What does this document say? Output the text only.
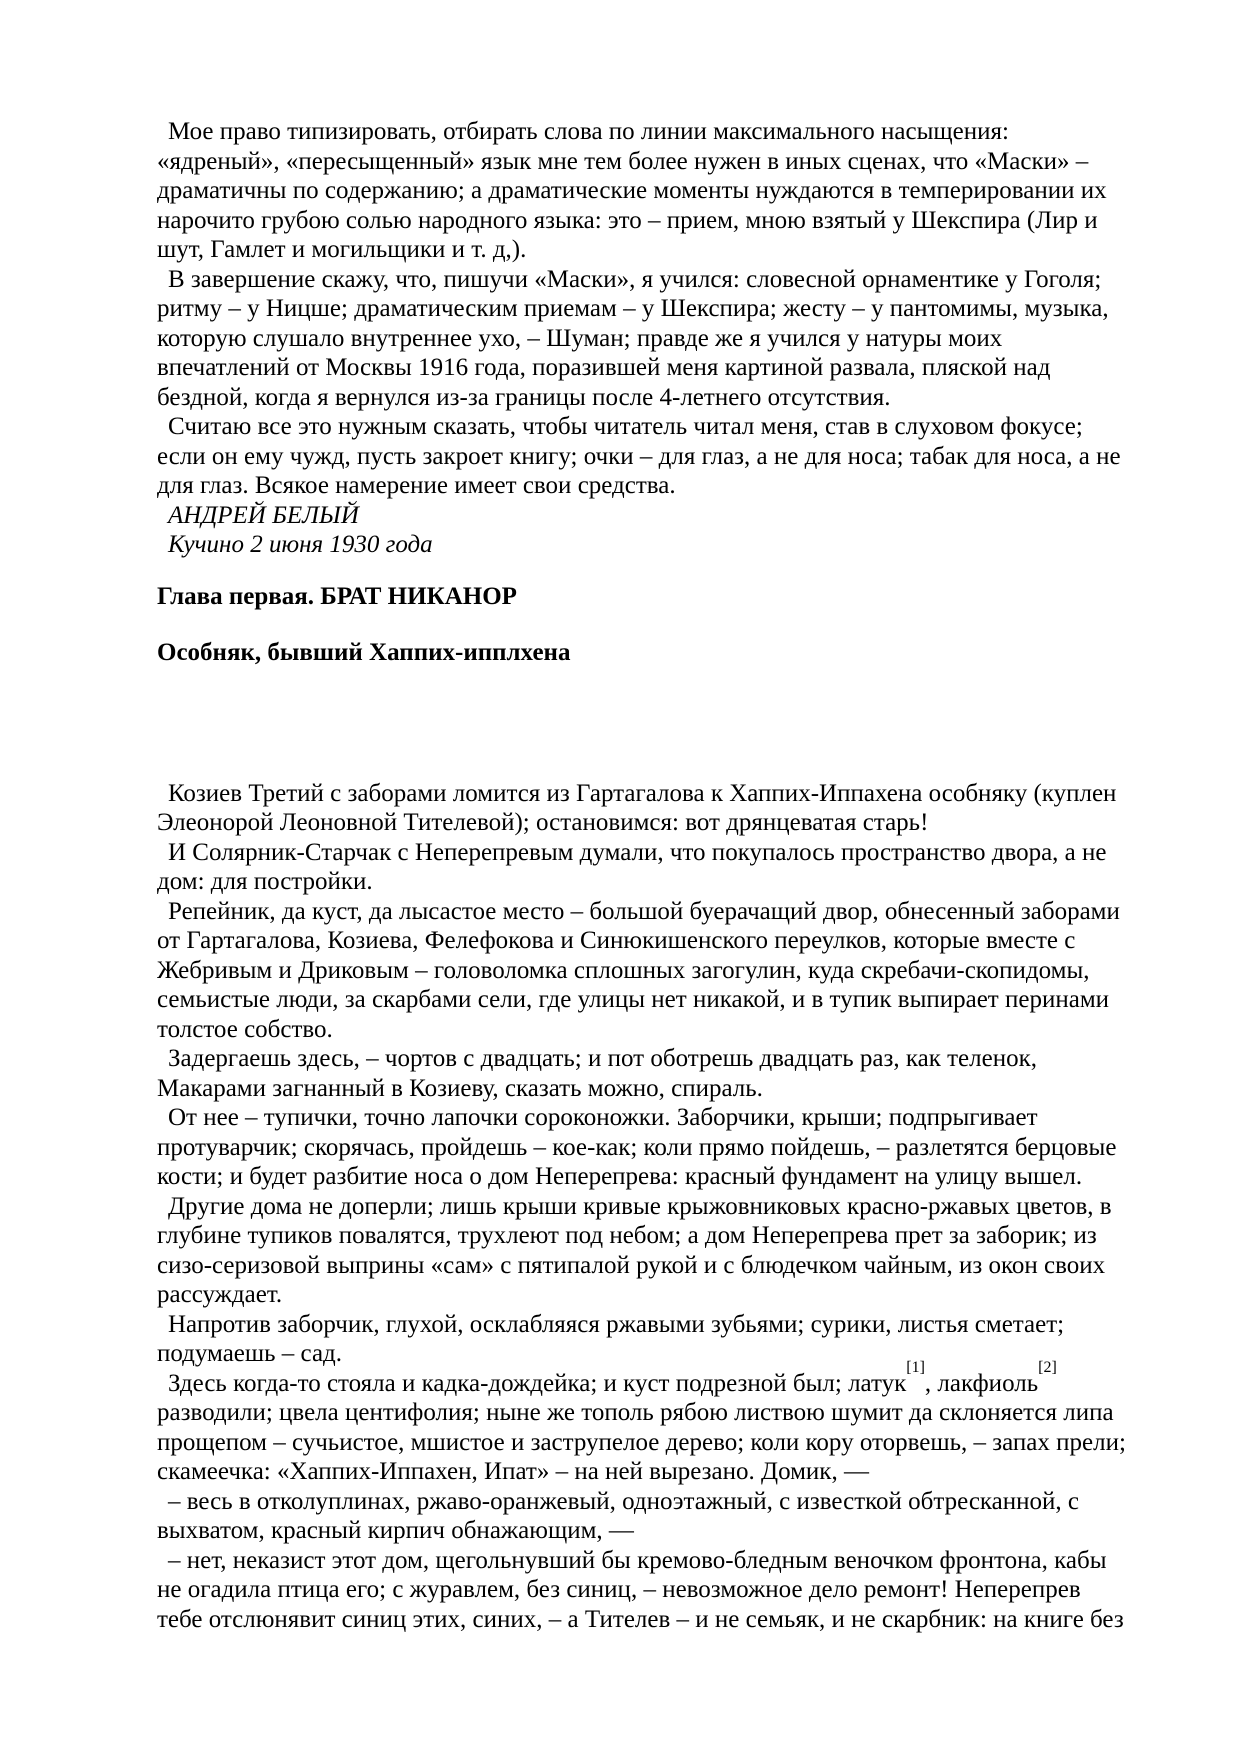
Мое право типизировать, отбирать слова по линии максимального насыщения:
«ядреный», «пересыщенный» язык мне тем более нужен в иных сценах, что «Маски» –
драматичны по содержанию; а драматические моменты нуждаются в темперировании их
нарочито грубою солью народного языка: это – прием, мною взятый у Шекспира (Лир и
шут, Гамлет и могильщики и т. д,).
В завершение скажу, что, пишучи «Маски», я учился: словесной орнаментике у Гоголя;
ритму – у Ницше; драматическим приемам – у Шекспира; жесту – у пантомимы, музыка,
которую слушало внутреннее ухо, – Шуман; правде же я учился у натуры моих
впечатлений от Москвы 1916 года, поразившей меня картиной развала, пляской над
бездной, когда я вернулся из-за границы после 4-летнего отсутствия.
Считаю все это нужным сказать, чтобы читатель читал меня, став в слуховом фокусе;
если он ему чужд, пусть закроет книгу; очки – для глаз, а не для носа; табак для носа, а не
для глаз. Всякое намерение имеет свои средства.
АНДРЕЙ БЕЛЫЙ
Кучино 2 июня 1930 года
Глава первая. БРАТ НИКАНОР
Особняк, бывший Хаппих-ипплхена
Козиев Третий с заборами ломится из Гартагалова к Хаппих-Иппахена особняку (куплен
Элеонорой Леоновной Тителевой); остановимся: вот дрянцеватая старь!
И Солярник-Старчак с Неперепревым думали, что покупалось пространство двора, а не
дом: для постройки.
Репейник, да куст, да лысастое место – большой буерачащий двор, обнесенный заборами
от Гартагалова, Козиева, Фелефокова и Синюкишенского переулков, которые вместе с
Жебривым и Дриковым – головоломка сплошных загогулин, куда скребачи-скопидомы,
семьистые люди, за скарбами сели, где улицы нет никакой, и в тупик выпирает перинами
толстое собство.
Задергаешь здесь, – чортов с двадцать; и пот оботрешь двадцать раз, как теленок,
Макарами загнанный в Козиеву, сказать можно, спираль.
От нее – тупички, точно лапочки сороконожки. Заборчики, крыши; подпрыгивает
протуварчик; скорячась, пройдешь – кое-как; коли прямо пойдешь, – разлетятся берцовые
кости; и будет разбитие носа о дом Неперепрева: красный фундамент на улицу вышел.
Другие дома не доперли; лишь крыши кривые крыжовниковых красно-ржавых цветов, в
глубине тупиков повалятся, трухлеют под небом; а дом Неперепрева прет за заборик; из
сизо-серизовой выприны «сам» с пятипалой рукой и с блюдечком чайным, из окон своих
рассуждает.
Напротив заборчик, глухой, осклабляяся ржавыми зубьями; сурики, листья сметает;
подумаешь – сад.
Здесь когда-то стояла и кадка-дождейка; и куст подрезной был; латук[1], лакфиоль[2]
разводили; цвела центифолия; ныне же тополь рябою листвою шумит да склоняется липа
прощепом – сучьистое, мшистое и заструпелое дерево; коли кору оторвешь, – запах прели;
скамеечка: «Хаппих-Иппахен, Ипат» – на ней вырезано. Домик, —
– весь в отколуплинах, ржаво-оранжевый, одноэтажный, с известкой обтресканной, с
выхватом, красный кирпич обнажающим, —
– нет, неказист этот дом, щегольнувший бы кремово-бледным веночком фронтона, кабы
не огадила птица его; с журавлем, без синиц, – невозможное дело ремонт! Неперепрев
тебе отслюнявит синиц этих, синих, – а Тителев – и не семьяк, и не скарбник: на книге без
